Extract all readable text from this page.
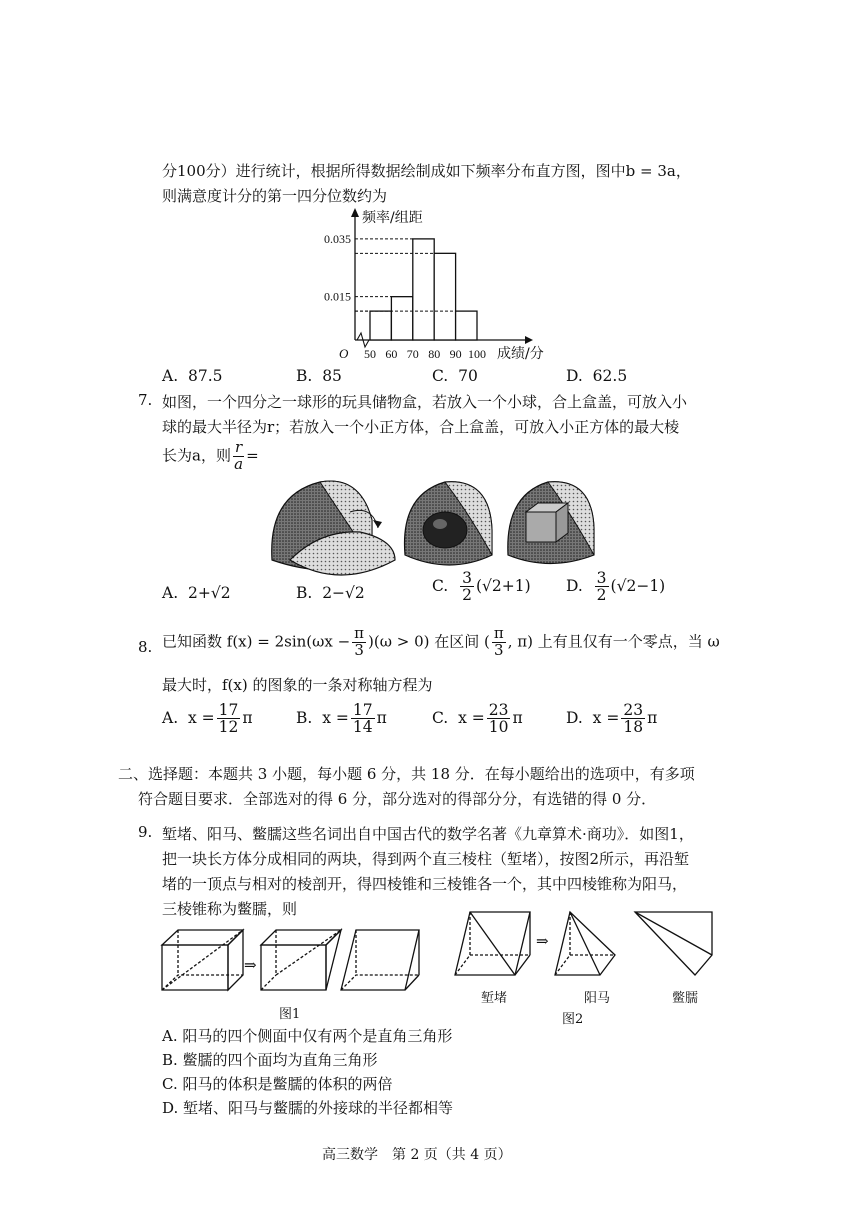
分100分）进行统计，根据所得数据绘制成如下频率分布直方图，图中b = 3a，
则满意度计分的第一四分位数约为
0.015
0.035
50 60 70 80 90 100
O	成绩/分
频率/组距
A. 87.5	B. 85	C. 70	D. 62.5
7. 如图，一个四分之一球形的玩具储物盒，若放入一个小球，合上盒盖，可放入小
球的最大半径为r；若放入一个小正方体，合上盒盖，可放入小正方体的最大棱
长为a，则 $\frac{r}{a}$ =
A. 2+√2	B. 2−√2	C. $\frac{3}{2} (√2+1)$ D. $\frac{3}{2} (√2-1)$
8. 已知函数 $f(x) = 2\sin(\omega x - \frac{\pi}{3} )(\omega > 0)$ 在区间 ( $\frac{\pi}{3}$ , π) 上有且仅有一个零点，当 ω
最大时，f(x) 的图象的一条对称轴方程为
A. $x = \frac{17}{12}$ π	B. $x = \frac{17}{14}$ π	C. $x = \frac{23}{10}$ π	D. $x = \frac{23}{18}$ π
二、选择题：本题共 3 小题，每小题 6 分，共 18 分．在每小题给出的选项中，有多项
符合题目要求．全部选对的得 6 分，部分选对的得部分分，有选错的得 0 分．
9. 堑堵、阳马、鳖臑这些名词出自中国古代的数学名著《九章算术·商功》．如图1，
把一块长方体分成相同的两块，得到两个直三棱柱（堑堵），按图2所示，再沿堑
堵的一顶点与相对的棱剖开，得四棱锥和三棱锥各一个，其中四棱锥称为阳马，
三棱锥称为鳖臑，则
⇒
⇒
图1
堑堵	阳马	鳖臑
图2
A. 阳马的四个侧面中仅有两个是直角三角形
B. 鳖臑的四个面均为直角三角形
C. 阳马的体积是鳖臑的体积的两倍
D. 堑堵、阳马与鳖臑的外接球的半径都相等
高三数学　第 2 页（共 4 页）
